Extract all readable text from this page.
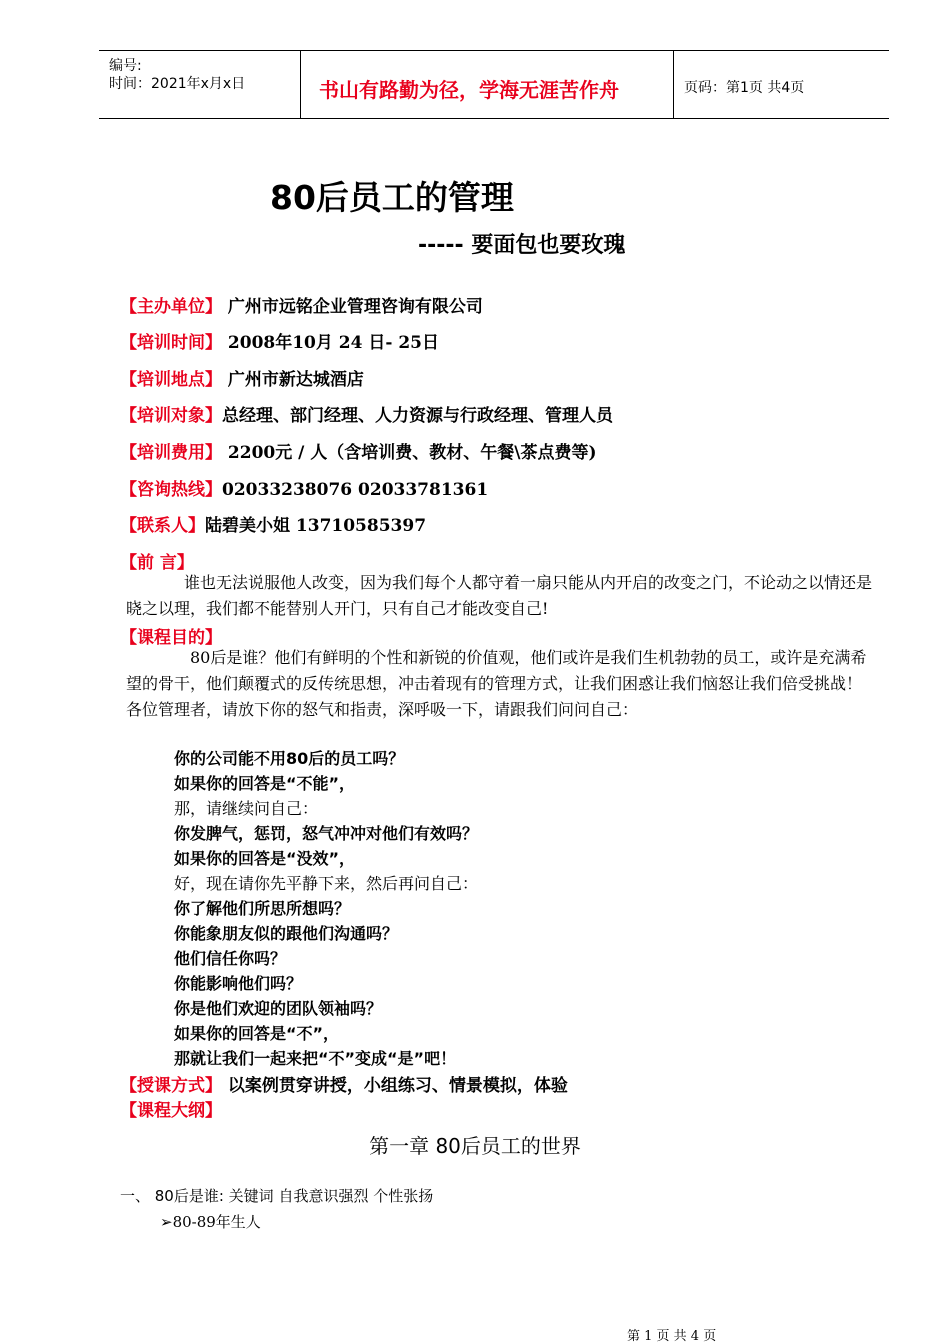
编号:
时间：2021年x月x日	书山有路勤为径，学海无涯苦作舟	页码：第1页 共4页
80后员工的管理
----- 要面包也要玫瑰
【主办单位】 广州市远铭企业管理咨询有限公司
【培训时间】 2008年10月 24 日- 25日
【培训地点】 广州市新达城酒店
【培训对象】总经理、部门经理、人力资源与行政经理、管理人员
【培训费用】 2200元 / 人（含培训费、教材、午餐\茶点费等)
【咨询热线】02033238076 02033781361
【联系人】陆碧美小姐 13710585397
【前 言】
谁也无法说服他人改变，因为我们每个人都守着一扇只能从内开启的改变之门，不论动之以情还是晓之以理，我们都不能替别人开门，只有自己才能改变自己!
【课程目的】
80后是谁？他们有鲜明的个性和新锐的价值观，他们或许是我们生机勃勃的员工，或许是充满希望的骨干，他们颠覆式的反传统思想，冲击着现有的管理方式，让我们困惑让我们恼怒让我们倍受挑战！各位管理者，请放下你的怒气和指责，深呼吸一下，请跟我们问问自己：
你的公司能不用80后的员工吗？
如果你的回答是“不能”，
那，请继续问自己：
你发脾气，惩罚，怒气冲冲对他们有效吗？
如果你的回答是“没效”，
好，现在请你先平静下来，然后再问自己：
你了解他们所思所想吗？
你能象朋友似的跟他们沟通吗？
他们信任你吗？
你能影响他们吗？
你是他们欢迎的团队领袖吗？
如果你的回答是“不”，
那就让我们一起来把“不”变成“是”吧！
【授课方式】 以案例贯穿讲授，小组练习、情景模拟，体验
【课程大纲】
第一章 80后员工的世界
一、 80后是谁: 关键词 自我意识强烈 个性张扬
➢80-89年生人
第 1 页 共 4 页
